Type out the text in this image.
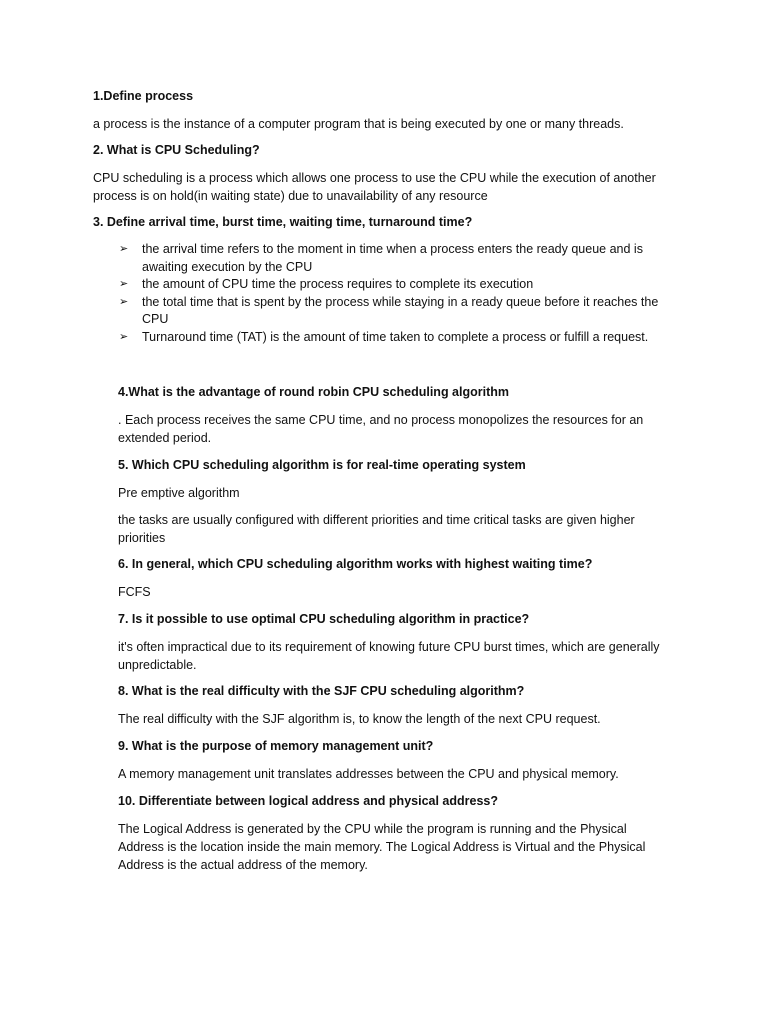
1.Define process

a process is the instance of a computer program that is being executed by one or many threads.

2. What is CPU Scheduling?

CPU scheduling is a process which allows one process to use the CPU while the execution of another process is on hold(in waiting state) due to unavailability of any resource

3. Define arrival time, burst time, waiting time, turnaround time?

➢ the arrival time refers to the moment in time when a process enters the ready queue and is awaiting execution by the CPU
➢ the amount of CPU time the process requires to complete its execution
➢ the total time that is spent by the process while staying in a ready queue before it reaches the CPU
➢ Turnaround time (TAT) is the amount of time taken to complete a process or fulfill a request.

4.What is the advantage of round robin CPU scheduling algorithm

. Each process receives the same CPU time, and no process monopolizes the resources for an extended period.

5. Which CPU scheduling algorithm is for real-time operating system

Pre emptive algorithm

the tasks are usually configured with different priorities and time critical tasks are given higher priorities

6. In general, which CPU scheduling algorithm works with highest waiting time?

FCFS

7. Is it possible to use optimal CPU scheduling algorithm in practice?

it's often impractical due to its requirement of knowing future CPU burst times, which are generally unpredictable.

8. What is the real difficulty with the SJF CPU scheduling algorithm?

The real difficulty with the SJF algorithm is, to know the length of the next CPU request.

9. What is the purpose of memory management unit?

A memory management unit translates addresses between the CPU and physical memory.

10. Differentiate between logical address and physical address?

The Logical Address is generated by the CPU while the program is running and the Physical Address is the location inside the main memory. The Logical Address is Virtual and the Physical Address is the actual address of the memory.
